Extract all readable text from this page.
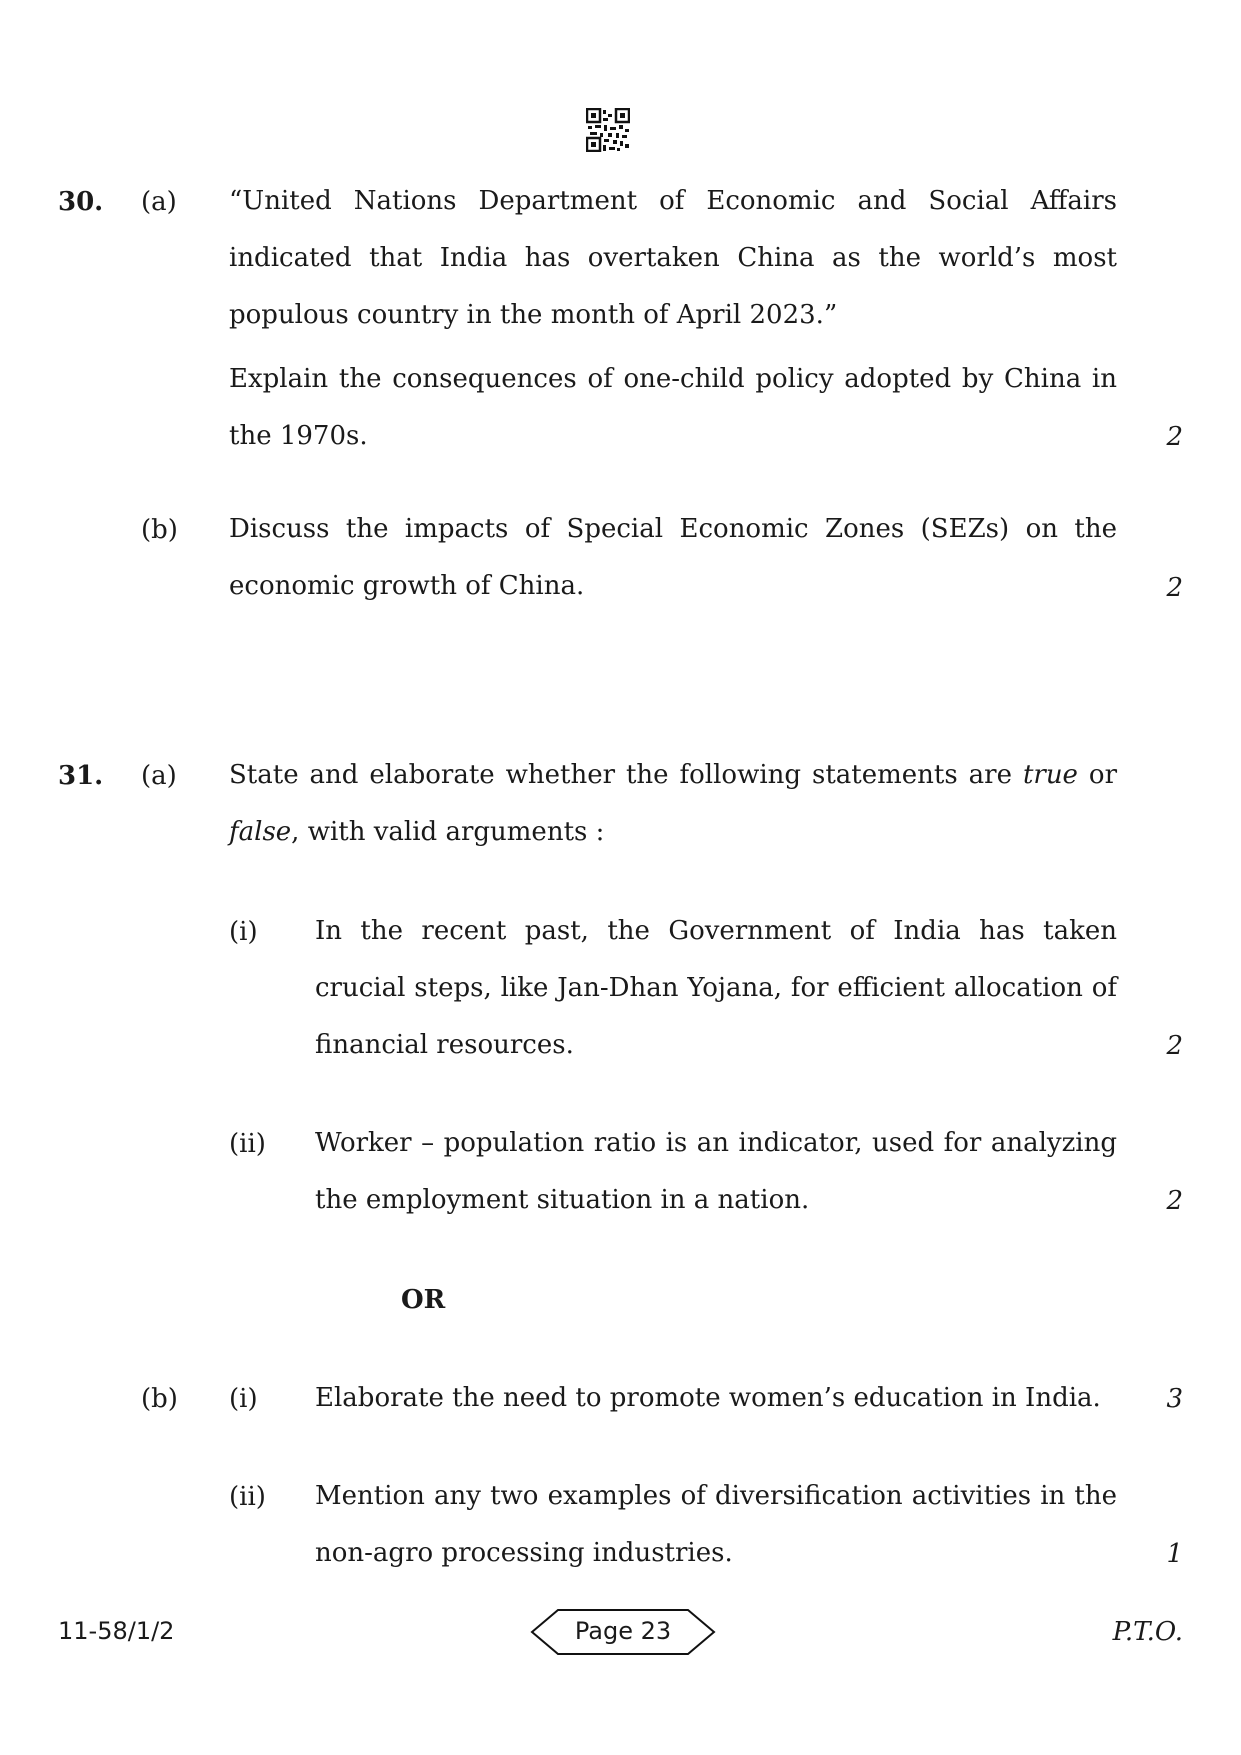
30. (a) “United Nations Department of Economic and Social Affairs indicated that India has overtaken China as the world’s most populous country in the month of April 2023.”
Explain the consequences of one-child policy adopted by China in the 1970s.	2
(b) Discuss the impacts of Special Economic Zones (SEZs) on the economic growth of China.	2
31. (a) State and elaborate whether the following statements are true or false, with valid arguments :
(i) In the recent past, the Government of India has taken crucial steps, like Jan-Dhan Yojana, for efficient allocation of financial resources.	2
(ii) Worker – population ratio is an indicator, used for analyzing the employment situation in a nation.	2
OR
(b) (i) Elaborate the need to promote women’s education in India.	3
(ii) Mention any two examples of diversification activities in the non-agro processing industries.	1
11-58/1/2	Page 23	P.T.O.
